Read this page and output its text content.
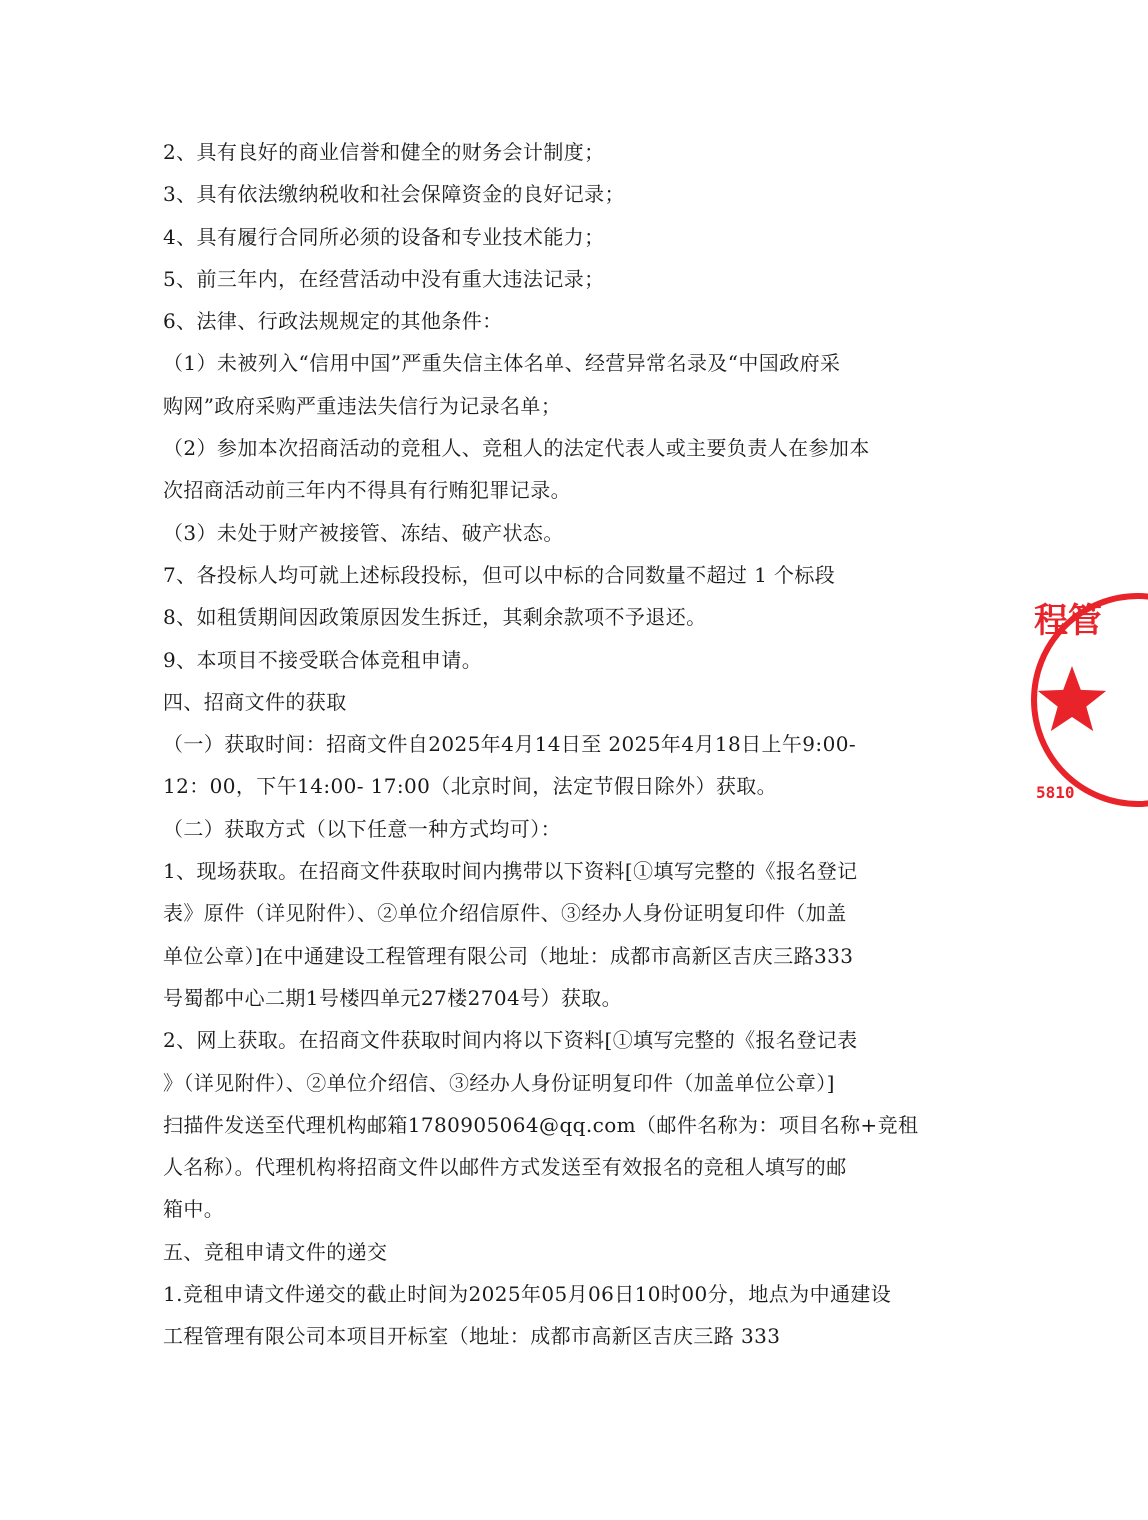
2、具有良好的商业信誉和健全的财务会计制度；
3、具有依法缴纳税收和社会保障资金的良好记录；
4、具有履行合同所必须的设备和专业技术能力；
5、前三年内，在经营活动中没有重大违法记录；
6、法律、行政法规规定的其他条件：
（1）未被列入“信用中国”严重失信主体名单、经营异常名录及“中国政府采
购网”政府采购严重违法失信行为记录名单；
（2）参加本次招商活动的竞租人、竞租人的法定代表人或主要负责人在参加本
次招商活动前三年内不得具有行贿犯罪记录。
（3）未处于财产被接管、冻结、破产状态。
7、各投标人均可就上述标段投标，但可以中标的合同数量不超过 1 个标段
8、如租赁期间因政策原因发生拆迁，其剩余款项不予退还。
9、本项目不接受联合体竞租申请。
四、招商文件的获取
（一）获取时间：招商文件自2025年4月14日至 2025年4月18日上午9:00-
12：00，下午14:00- 17:00（北京时间，法定节假日除外）获取。
（二）获取方式（以下任意一种方式均可）：
1、现场获取。在招商文件获取时间内携带以下资料[①填写完整的《报名登记
表》原件（详见附件）、②单位介绍信原件、③经办人身份证明复印件（加盖
单位公章）]在中通建设工程管理有限公司（地址：成都市高新区吉庆三路333
号蜀都中心二期1号楼四单元27楼2704号）获取。
2、网上获取。在招商文件获取时间内将以下资料[①填写完整的《报名登记表
》（详见附件）、②单位介绍信、③经办人身份证明复印件（加盖单位公章）]
扫描件发送至代理机构邮箱1780905064@qq.com（邮件名称为：项目名称+竞租
人名称）。代理机构将招商文件以邮件方式发送至有效报名的竞租人填写的邮
箱中。
五、竞租申请文件的递交
1.竞租申请文件递交的截止时间为2025年05月06日10时00分，地点为中通建设
工程管理有限公司本项目开标室（地址：成都市高新区吉庆三路 333
程管
5810
